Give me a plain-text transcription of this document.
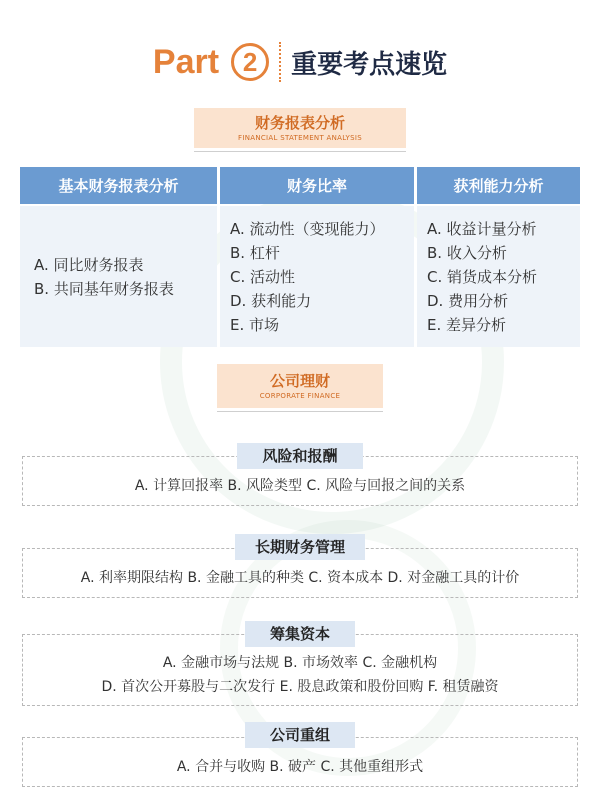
Part 2	重要考点速览
财务报表分析
FINANCIAL STATEMENT ANALYSIS
基本财务报表分析
A. 同比财务报表
B. 共同基年财务报表
财务比率
A. 流动性（变现能力）
B. 杠杆
C. 活动性
D. 获利能力
E. 市场
获利能力分析
A. 收益计量分析
B. 收入分析
C. 销货成本分析
D. 费用分析
E. 差异分析
公司理财
CORPORATE FINANCE
A. 计算回报率 B. 风险类型 C. 风险与回报之间的关系
风险和报酬
A. 利率期限结构 B. 金融工具的种类 C. 资本成本 D. 对金融工具的计价
长期财务管理
A. 金融市场与法规 B. 市场效率 C. 金融机构
D. 首次公开募股与二次发行 E. 股息政策和股份回购 F. 租赁融资
筹集资本
A. 合并与收购 B. 破产 C. 其他重组形式
公司重组
